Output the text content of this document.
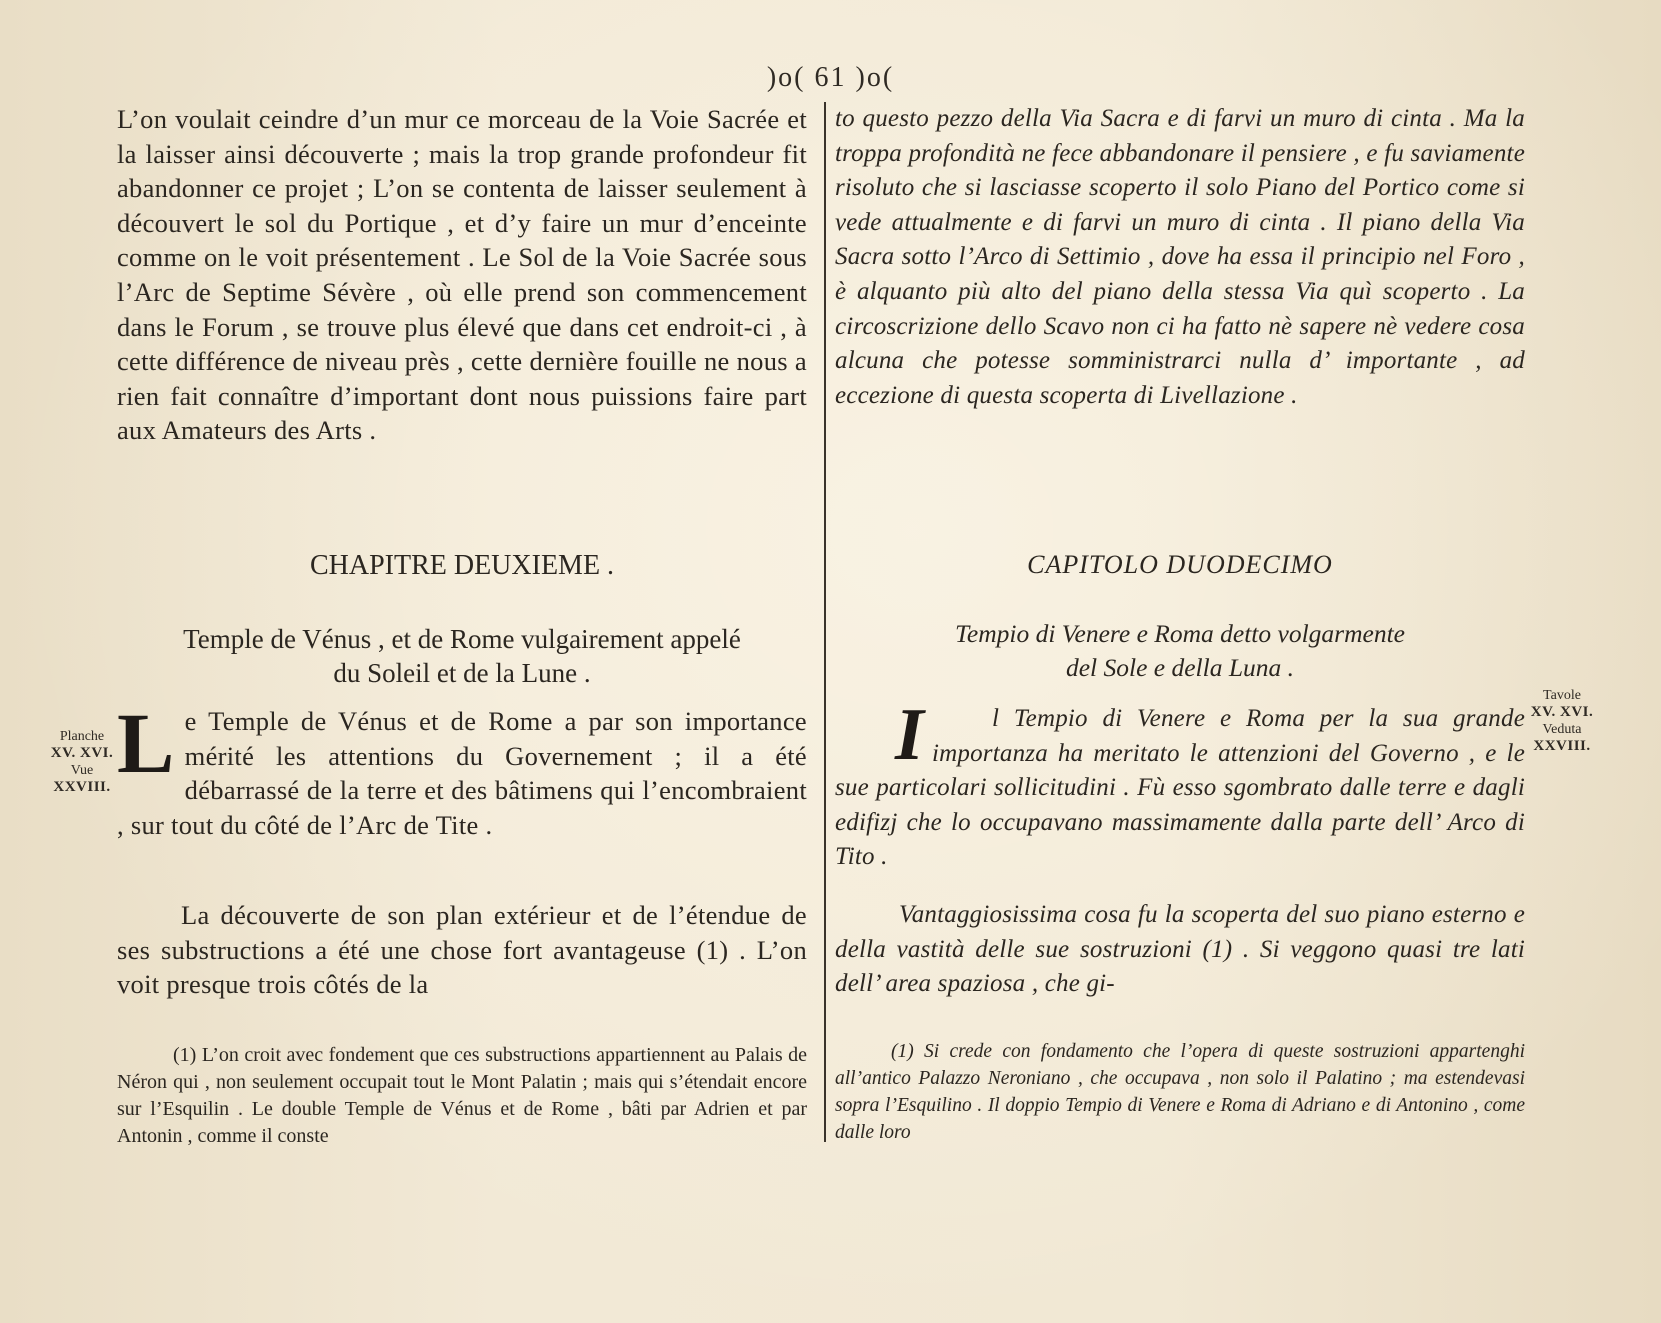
)o( 61 )o(

L’on voulait ceindre d’un mur ce morceau de la Voie Sacrée et la laisser ainsi découverte ; mais la trop grande profondeur fit abandonner ce projet ; L’on se contenta de laisser seulement à découvert le sol du Portique , et d’y faire un mur d’enceinte comme on le voit présentement . Le Sol de la Voie Sacrée sous l’Arc de Septime Sévère , où elle prend son commencement dans le Forum , se trouve plus élevé que dans cet endroit-ci , à cette différence de niveau près , cette dernière fouille ne nous a rien fait connaître d’important dont nous puissions faire part aux Amateurs des Arts .

CHAPITRE DEUXIEME .

Temple de Vénus , et de Rome vulgairement appelé

du Soleil et de la Lune .

Le Temple de Vénus et de Rome a par son importance mérité les attentions du Governement ; il a été débarrassé de la terre et des bâtimens qui l’encombraient , sur tout du côté de l’Arc de Tite .

La découverte de son plan extérieur et de l’étendue de ses substructions a été une chose fort avantageuse (1) . L’on voit presque trois côtés de la

(1) L’on croit avec fondement que ces substructions appartiennent au Palais de Néron qui , non seulement occupait tout le Mont Palatin ; mais qui s’étendait encore sur l’Esquilin . Le double Temple de Vénus et de Rome , bâti par Adrien et par Antonin , comme il conste

to questo pezzo della Via Sacra e di farvi un muro di cinta . Ma la troppa profondità ne fece abbandonare il pensiere , e fu saviamente risoluto che si lasciasse scoperto il solo Piano del Portico come si vede attualmente e di farvi un muro di cinta . Il piano della Via Sacra sotto l’Arco di Settimio , dove ha essa il principio nel Foro , è alquanto più alto del piano della stessa Via quì scoperto . La circoscrizione dello Scavo non ci ha fatto nè sapere nè vedere cosa alcuna che potesse somministrarci nulla d’ importante , ad eccezione di questa scoperta di Livellazione .

CAPITOLO DUODECIMO

Tempio di Venere e Roma detto volgarmente

del Sole e della Luna .

I	l Tempio di Venere e Roma per la sua grande importanza ha meritato le attenzioni del Governo , e le sue particolari sollicitudini . Fù esso sgombrato dalle terre e dagli edifizj che lo occupavano massimamente dalla parte dell’ Arco di Tito .

Vantaggiosissima cosa fu la scoperta del suo piano esterno e della vastità delle sue sostruzioni (1) . Si veggono quasi tre lati dell’ area spaziosa , che gi-

(1) Si crede con fondamento che l’opera di queste sostruzioni appartenghi all’antico Palazzo Neroniano , che occupava , non solo il Palatino ; ma estendevasi sopra l’Esquilino . Il doppio Tempio di Venere e Roma di Adriano e di Antonino , come dalle loro

Planche
XV. XVI.
Vue
XXVIII.
Tavole
XV. XVI.
Veduta
XXVIII.
